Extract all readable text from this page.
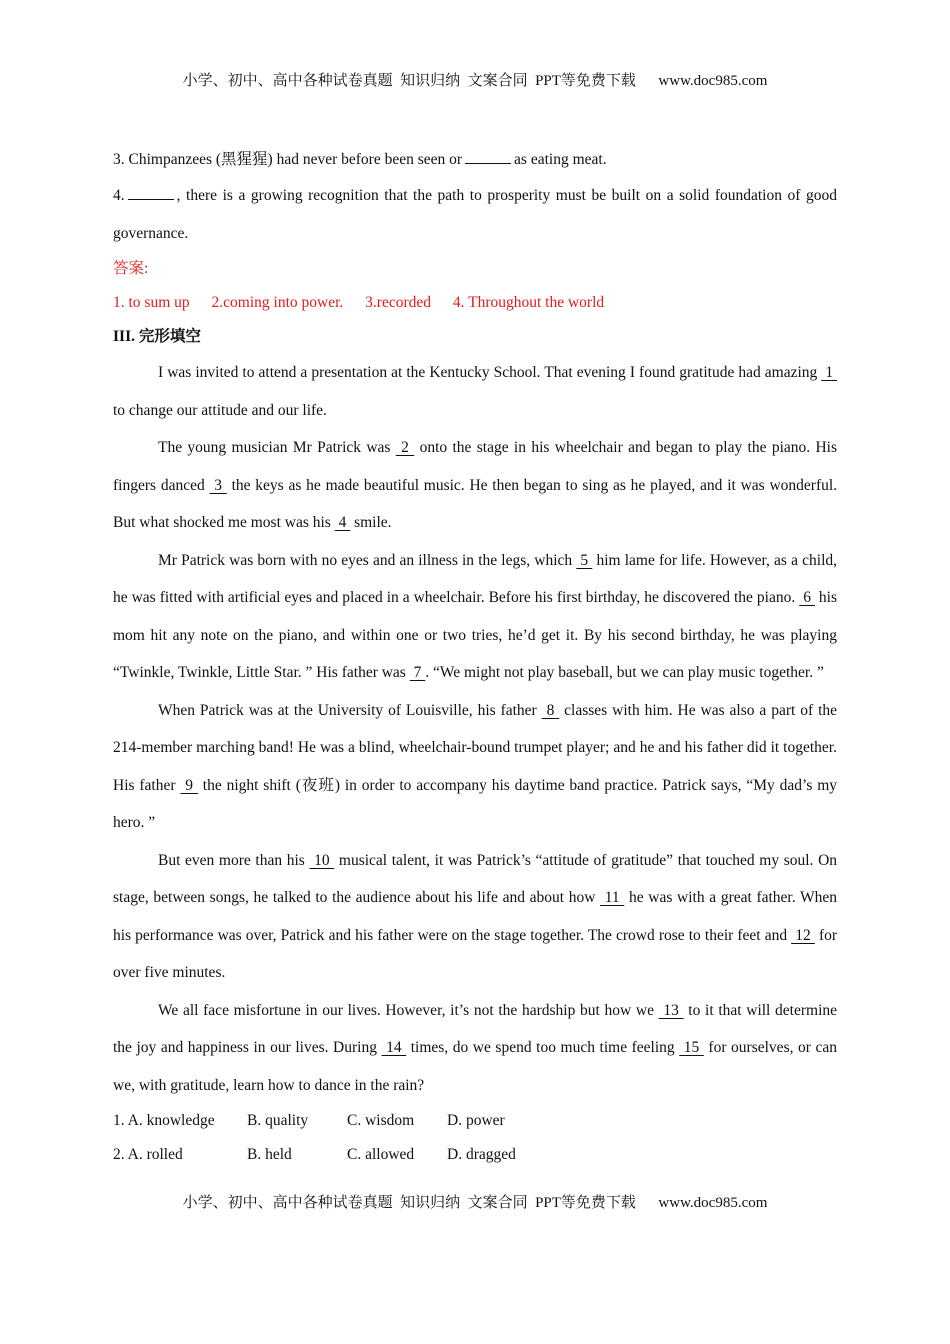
小学、初中、高中各种试卷真题  知识归纳  文案合同  PPT等免费下载      www.doc985.com
3. Chimpanzees (黑猩猩) had never before been seen or	as eating meat.
4.	, there is a growing recognition that the path to prosperity must be built on a solid foundation of good governance.
答案:
1. to sum up 2.coming into power. 3.recorded 4. Throughout the world
III. 完形填空
I was invited to attend a presentation at the Kentucky School. That evening I found gratitude had amazing  1  to change our attitude and our life.
The young musician Mr Patrick was  2  onto the stage in his wheelchair and began to play the piano. His fingers danced  3  the keys as he made beautiful music. He then began to sing as he played, and it was wonderful. But what shocked me most was his  4  smile.
Mr Patrick was born with no eyes and an illness in the legs, which  5  him lame for life. However, as a child, he was fitted with artificial eyes and placed in a wheelchair. Before his first birthday, he discovered the piano.  6  his mom hit any note on the piano, and within one or two tries, he’d get it. By his second birthday, he was playing “Twinkle, Twinkle, Little Star. ” His father was  7 . “We might not play baseball, but we can play music together. ”
When Patrick was at the University of Louisville, his father  8  classes with him. He was also a part of the 214-member marching band! He was a blind, wheelchair-bound trumpet player; and he and his father did it together. His father  9  the night shift (夜班) in order to accompany his daytime band practice. Patrick says, “My dad’s my hero. ”
But even more than his  10  musical talent, it was Patrick’s “attitude of gratitude” that touched my soul. On stage, between songs, he talked to the audience about his life and about how  11  he was with a great father. When his performance was over, Patrick and his father were on the stage together. The crowd rose to their feet and  12  for over five minutes.
We all face misfortune in our lives. However, it’s not the hardship but how we  13  to it that will determine the joy and happiness in our lives. During  14  times, do we spend too much time feeling  15  for ourselves, or can we, with gratitude, learn how to dance in the rain?
1. A. knowledge B. quality	C. wisdom D. power
2. A. rolled	B. held	C. allowed D. dragged
小学、初中、高中各种试卷真题  知识归纳  文案合同  PPT等免费下载      www.doc985.com
